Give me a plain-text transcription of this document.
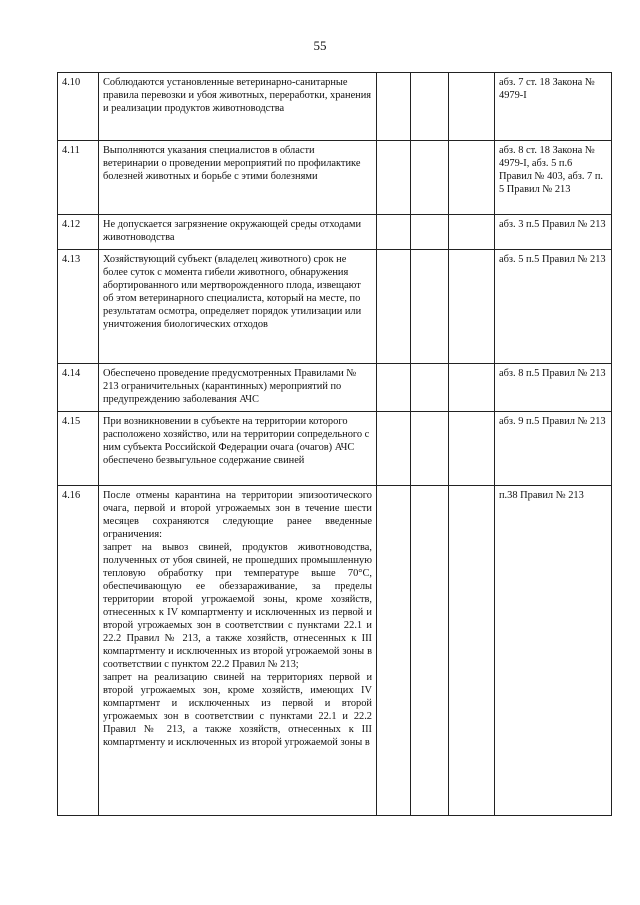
55
4.10	Соблюдаются установленные ветеринарно-санитарные правила перевозки и убоя животных, переработки, хранения и реализации продуктов животноводства				абз. 7 ст. 18 Закона № 4979-I
4.11	Выполняются указания специалистов в области ветеринарии о проведении мероприятий по профилактике болезней животных и борьбе с этими болезнями				абз. 8 ст. 18 Закона № 4979-I, абз. 5 п.6 Правил № 403, абз. 7 п. 5 Правил № 213
4.12	Не допускается загрязнение окружающей среды отходами животноводства				абз. 3 п.5 Правил № 213
4.13	Хозяйствующий субъект (владелец животного) срок не более суток с момента гибели животного, обнаружения абортированного или мертворожденного плода, извещают об этом ветеринарного специалиста, который на месте, по результатам осмотра, определяет порядок утилизации или уничтожения биологических отходов				абз. 5 п.5 Правил № 213
4.14	Обеспечено проведение предусмотренных Правилами № 213 ограничительных (карантинных) мероприятий по предупреждению заболевания АЧС				абз. 8 п.5 Правил № 213
4.15	При возникновении в субъекте на территории которого расположено хозяйство, или на территории сопредельного с ним субъекта Российской Федерации очага (очагов) АЧС обеспечено безвыгульное содержание свиней				абз. 9 п.5 Правил № 213
4.16	После отмены карантина на территории эпизоотического очага, первой и второй угрожаемых зон в течение шести месяцев сохраняются следующие ранее введенные ограничения:
запрет на вывоз свиней, продуктов животноводства, полученных от убоя свиней, не прошедших промышленную тепловую обработку при температуре выше 70°С, обеспечивающую ее обеззараживание, за пределы территории второй угрожаемой зоны, кроме хозяйств, отнесенных к IV компартменту и исключенных из первой и второй угрожаемых зон в соответствии с пунктами 22.1 и 22.2 Правил № 213, а также хозяйств, отнесенных к III компартменту и исключенных из второй угрожаемой зоны в соответствии с пунктом 22.2 Правил № 213;
запрет на реализацию свиней на территориях первой и второй угрожаемых зон, кроме хозяйств, имеющих IV компартмент и исключенных из первой и второй угрожаемых зон в соответствии с пунктами 22.1 и 22.2 Правил № 213, а также хозяйств, отнесенных к III компартменту и исключенных из второй угрожаемой зоны в				п.38 Правил № 213
